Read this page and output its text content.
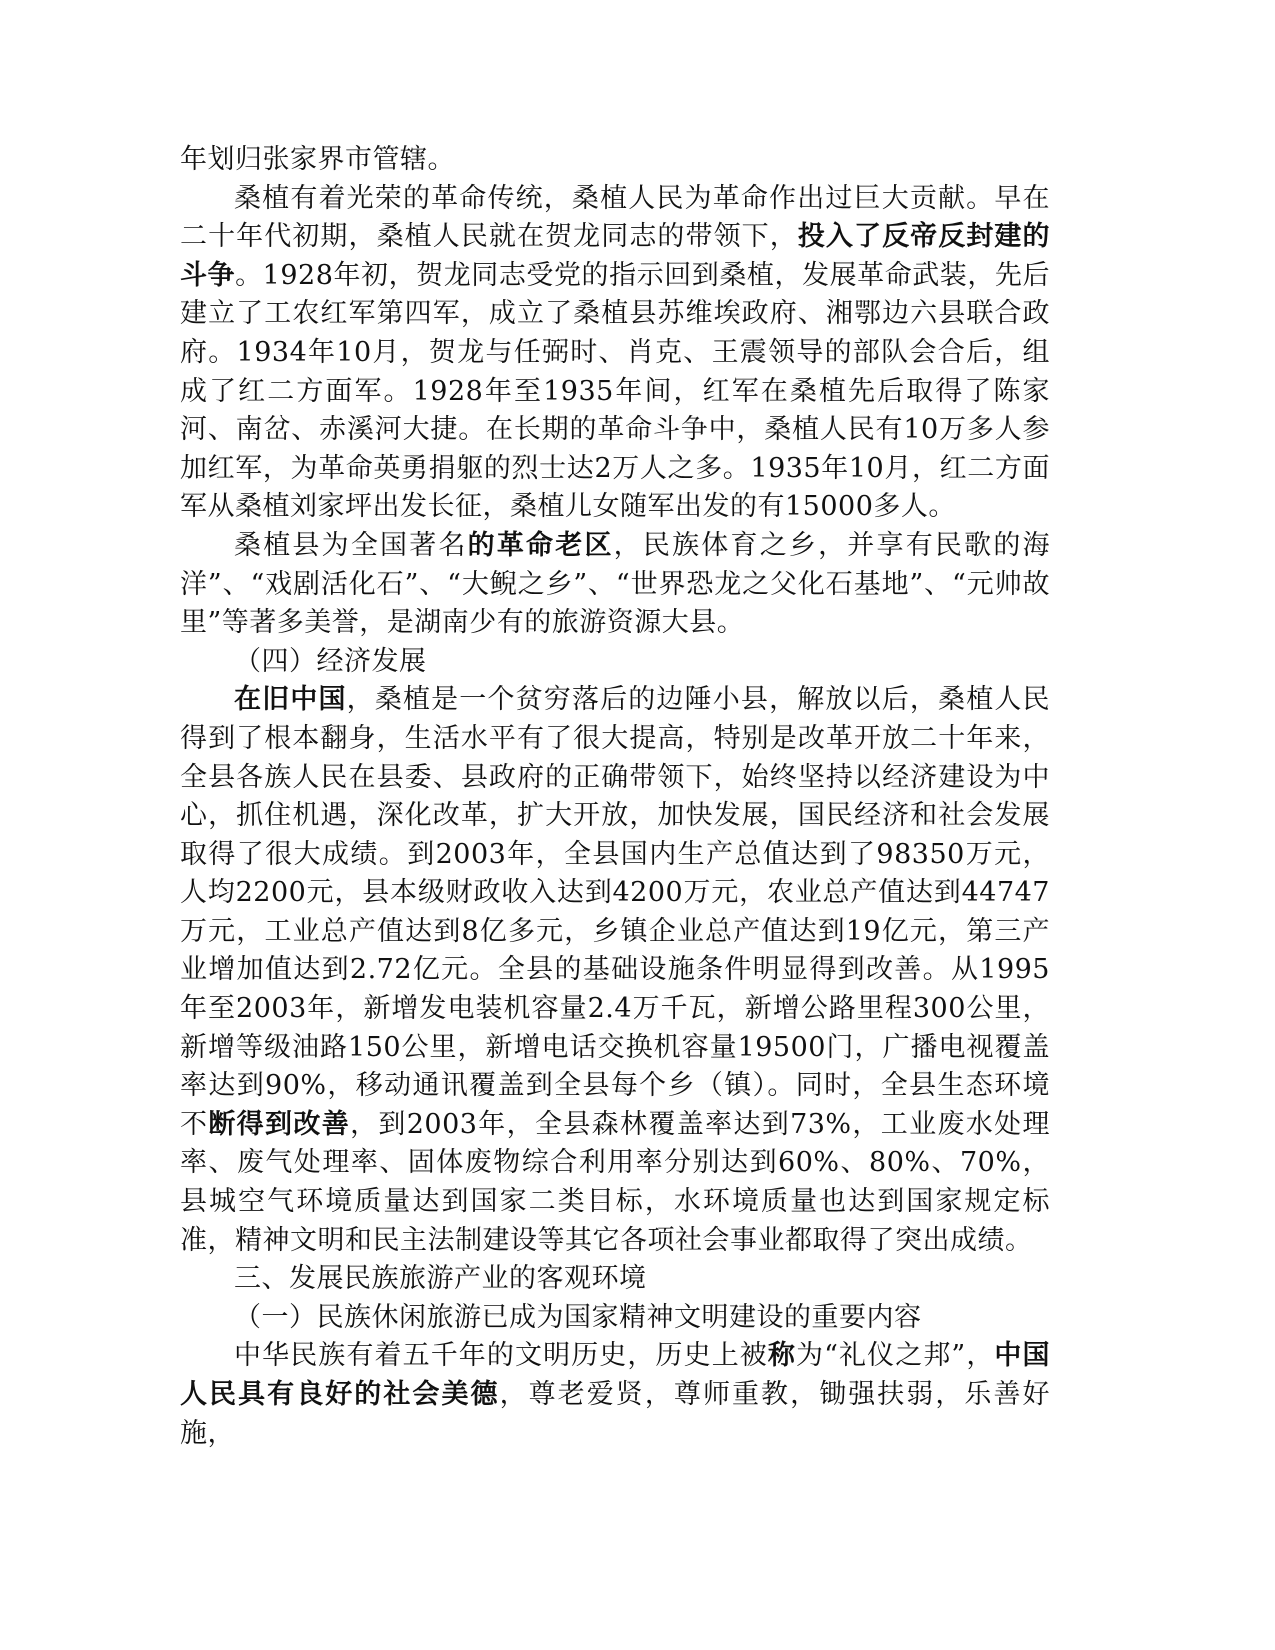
年划归张家界市管辖。

桑植有着光荣的革命传统，桑植人民为革命作出过巨大贡献。早在二十年代初期，桑植人民就在贺龙同志的带领下，投入了反帝反封建的斗争。1928年初，贺龙同志受党的指示回到桑植，发展革命武装，先后建立了工农红军第四军，成立了桑植县苏维埃政府、湘鄂边六县联合政府。1934年10月，贺龙与任弼时、肖克、王震领导的部队会合后，组成了红二方面军。1928年至1935年间，红军在桑植先后取得了陈家河、南岔、赤溪河大捷。在长期的革命斗争中，桑植人民有10万多人参加红军，为革命英勇捐躯的烈士达2万人之多。1935年10月，红二方面军从桑植刘家坪出发长征，桑植儿女随军出发的有15000多人。

桑植县为全国著名的革命老区，民族体育之乡，并享有民歌的海洋”、“戏剧活化石”、“大鲵之乡”、“世界恐龙之父化石基地”、“元帅故里”等著多美誉，是湖南少有的旅游资源大县。

（四）经济发展

在旧中国，桑植是一个贫穷落后的边陲小县，解放以后，桑植人民得到了根本翻身，生活水平有了很大提高，特别是改革开放二十年来，全县各族人民在县委、县政府的正确带领下，始终坚持以经济建设为中心，抓住机遇，深化改革，扩大开放，加快发展，国民经济和社会发展取得了很大成绩。到2003年，全县国内生产总值达到了98350万元，人均2200元，县本级财政收入达到4200万元，农业总产值达到44747万元，工业总产值达到8亿多元，乡镇企业总产值达到19亿元，第三产业增加值达到2.72亿元。全县的基础设施条件明显得到改善。从1995年至2003年，新增发电装机容量2.4万千瓦，新增公路里程300公里，新增等级油路150公里，新增电话交换机容量19500门，广播电视覆盖率达到90%，移动通讯覆盖到全县每个乡（镇）。同时，全县生态环境不断得到改善，到2003年，全县森林覆盖率达到73%，工业废水处理率、废气处理率、固体废物综合利用率分别达到60%、80%、70%，县城空气环境质量达到国家二类目标，水环境质量也达到国家规定标准，精神文明和民主法制建设等其它各项社会事业都取得了突出成绩。

三、发展民族旅游产业的客观环境

（一）民族休闲旅游已成为国家精神文明建设的重要内容

中华民族有着五千年的文明历史，历史上被称为“礼仪之邦”，中国人民具有良好的社会美德，尊老爱贤，尊师重教，锄强扶弱，乐善好施，
